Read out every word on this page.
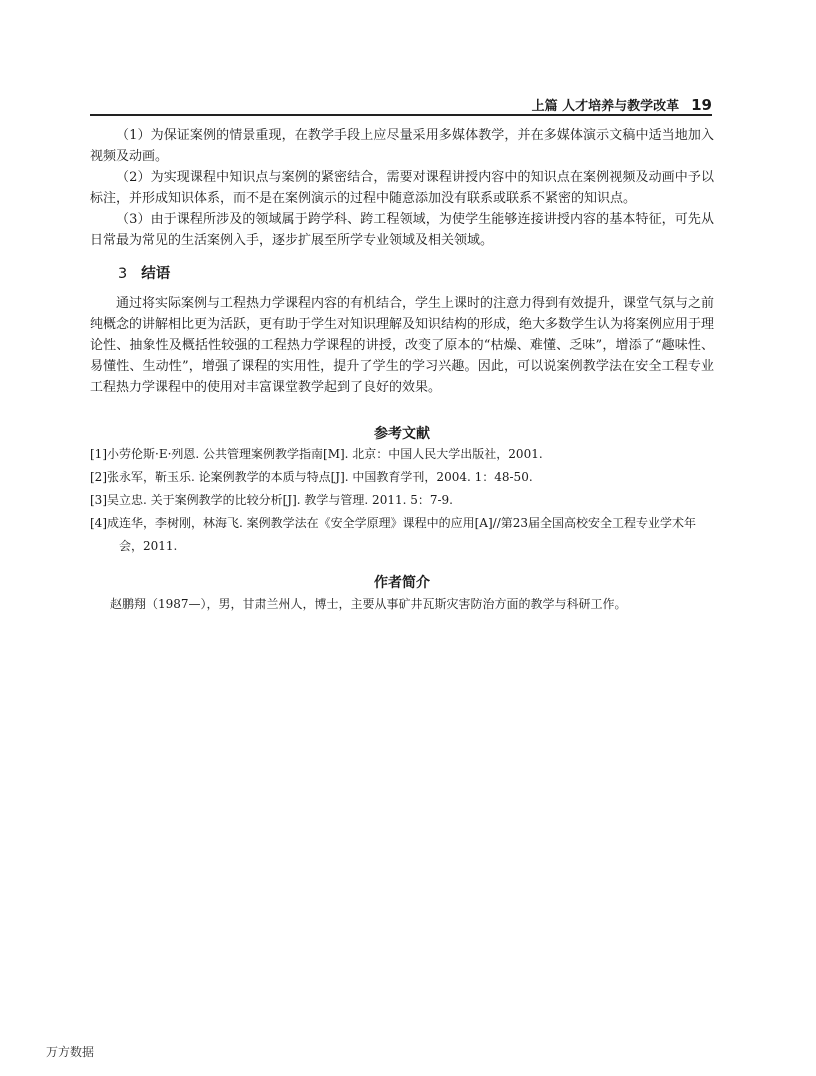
上篇 人才培养与教学改革 19

（1）为保证案例的情景重现，在教学手段上应尽量采用多媒体教学，并在多媒体演示文稿中适当地加入视频及动画。

（2）为实现课程中知识点与案例的紧密结合，需要对课程讲授内容中的知识点在案例视频及动画中予以标注，并形成知识体系，而不是在案例演示的过程中随意添加没有联系或联系不紧密的知识点。

（3）由于课程所涉及的领域属于跨学科、跨工程领域，为使学生能够连接讲授内容的基本特征，可先从日常最为常见的生活案例入手，逐步扩展至所学专业领域及相关领域。

3 结语

通过将实际案例与工程热力学课程内容的有机结合，学生上课时的注意力得到有效提升，课堂气氛与之前纯概念的讲解相比更为活跃，更有助于学生对知识理解及知识结构的形成，绝大多数学生认为将案例应用于理论性、抽象性及概括性较强的工程热力学课程的讲授，改变了原本的“枯燥、难懂、乏味”，增添了“趣味性、易懂性、生动性”，增强了课程的实用性，提升了学生的学习兴趣。因此，可以说案例教学法在安全工程专业工程热力学课程中的使用对丰富课堂教学起到了良好的效果。

参考文献
[1]小劳伦斯·E·列恩. 公共管理案例教学指南[M]. 北京：中国人民大学出版社，2001.
[2]张永军，靳玉乐. 论案例教学的本质与特点[J]. 中国教育学刊，2004. 1：48-50.
[3]吴立忠. 关于案例教学的比较分析[J]. 教学与管理. 2011. 5：7-9.
[4]成连华，李树刚，林海飞. 案例教学法在《安全学原理》课程中的应用[A]//第23届全国高校安全工程专业学术年会，2011.
作者简介

赵鹏翔（1987—），男，甘肃兰州人，博士，主要从事矿井瓦斯灾害防治方面的教学与科研工作。

万方数据
